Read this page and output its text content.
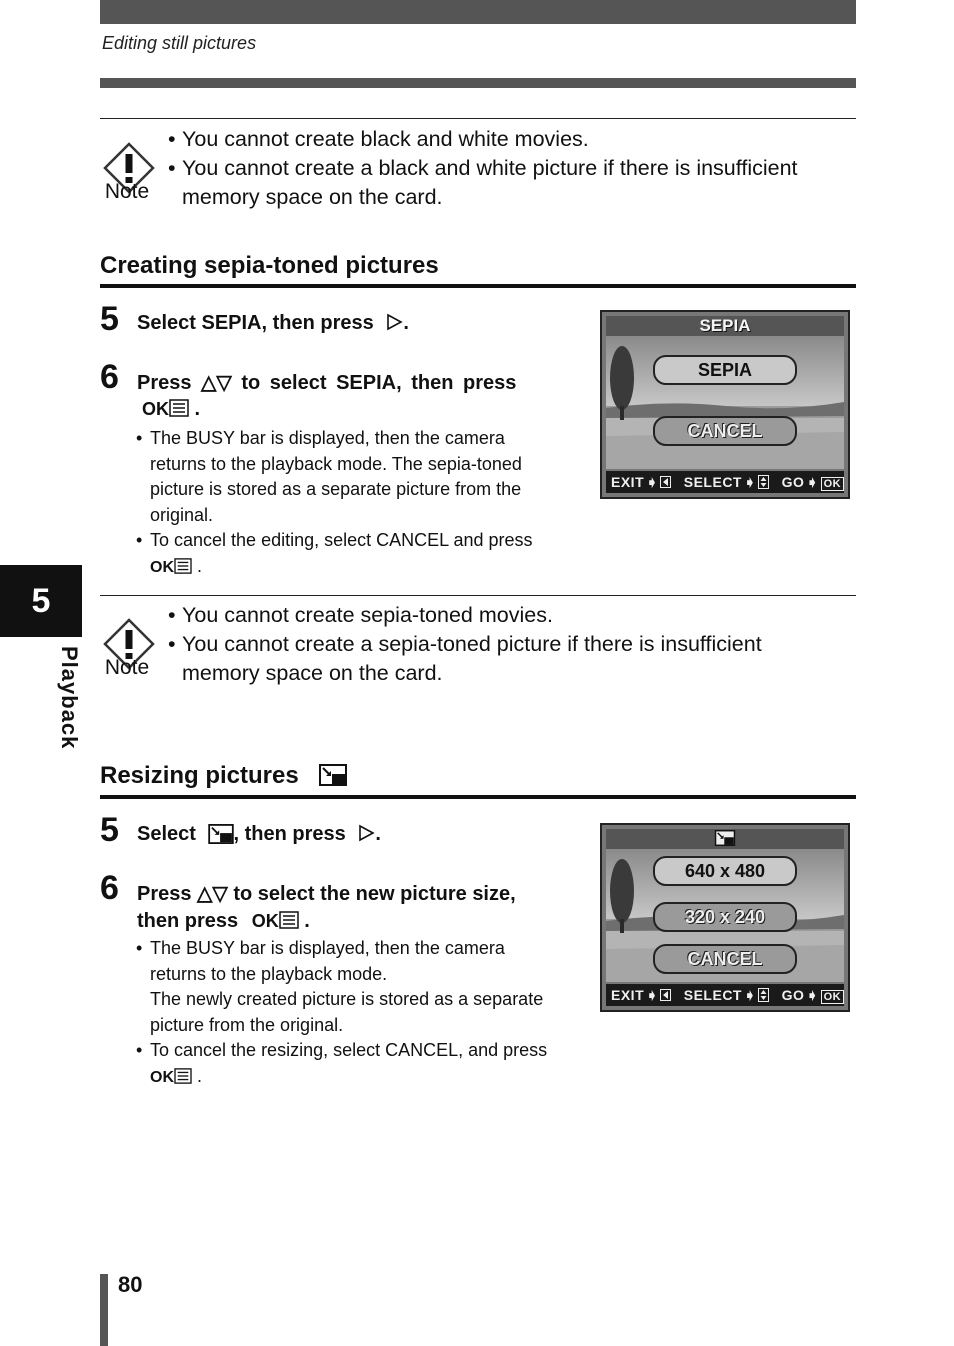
Editing still pictures
Note
• You cannot create black and white movies.
• You cannot create a black and white picture if there is insufficient
memory space on the card.
Creating sepia-toned pictures
5 Select SEPIA, then press .
6 Press △▽ to select SEPIA, then press
OK .
• The BUSY bar is displayed, then the camera
returns to the playback mode. The sepia-toned
picture is stored as a separate picture from the
original.
• To cancel the editing, select CANCEL and press
OK .
SEPIA
SEPIA
CANCEL
EXIT ➧ SELECT ➧ GO ➧ OK
5
Playback Note
• You cannot create sepia-toned movies.
• You cannot create a sepia-toned picture if there is insufficient
memory space on the card.
Resizing pictures
5 Select , then press .
6 Press △▽ to select the new picture size,
then press OK .
• The BUSY bar is displayed, then the camera
returns to the playback mode.
The newly created picture is stored as a separate
picture from the original.
• To cancel the resizing, select CANCEL, and press
OK .
640 x 480
320 x 240
CANCEL
EXIT ➧ SELECT ➧ GO ➧ OK
80
